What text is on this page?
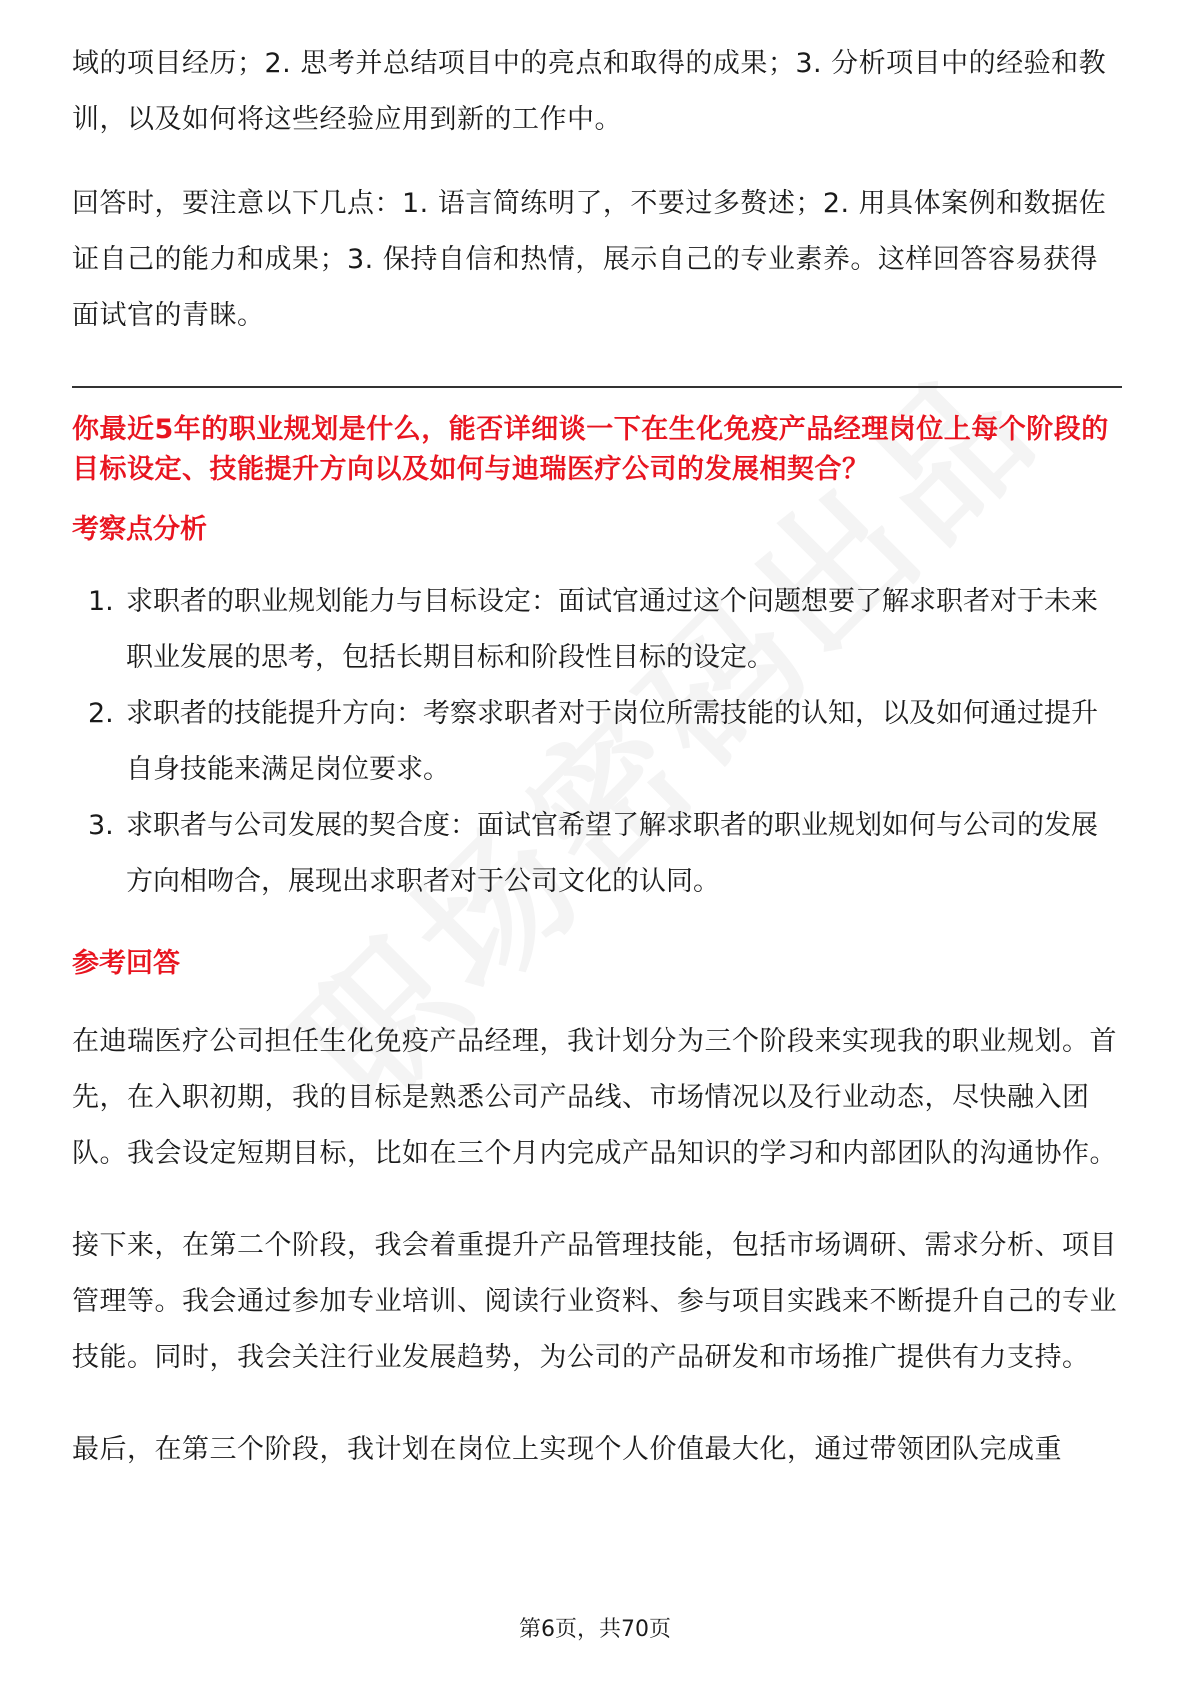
域的项目经历；2. 思考并总结项目中的亮点和取得的成果；3. 分析项目中的经验和教训，以及如何将这些经验应用到新的工作中。

回答时，要注意以下几点：1. 语言简练明了，不要过多赘述；2. 用具体案例和数据佐证自己的能力和成果；3. 保持自信和热情，展示自己的专业素养。这样回答容易获得面试官的青睐。

你最近5年的职业规划是什么，能否详细谈一下在生化免疫产品经理岗位上每个阶段的目标设定、技能提升方向以及如何与迪瑞医疗公司的发展相契合？

考察点分析
1. 求职者的职业规划能力与目标设定：面试官通过这个问题想要了解求职者对于未来职业发展的思考，包括长期目标和阶段性目标的设定。
2. 求职者的技能提升方向：考察求职者对于岗位所需技能的认知，以及如何通过提升自身技能来满足岗位要求。
3. 求职者与公司发展的契合度：面试官希望了解求职者的职业规划如何与公司的发展方向相吻合，展现出求职者对于公司文化的认同。
参考回答

在迪瑞医疗公司担任生化免疫产品经理，我计划分为三个阶段来实现我的职业规划。首先，在入职初期，我的目标是熟悉公司产品线、市场情况以及行业动态，尽快融入团队。我会设定短期目标，比如在三个月内完成产品知识的学习和内部团队的沟通协作。

接下来，在第二个阶段，我会着重提升产品管理技能，包括市场调研、需求分析、项目管理等。我会通过参加专业培训、阅读行业资料、参与项目实践来不断提升自己的专业技能。同时，我会关注行业发展趋势，为公司的产品研发和市场推广提供有力支持。

最后，在第三个阶段，我计划在岗位上实现个人价值最大化，通过带领团队完成重

第6页，共70页
